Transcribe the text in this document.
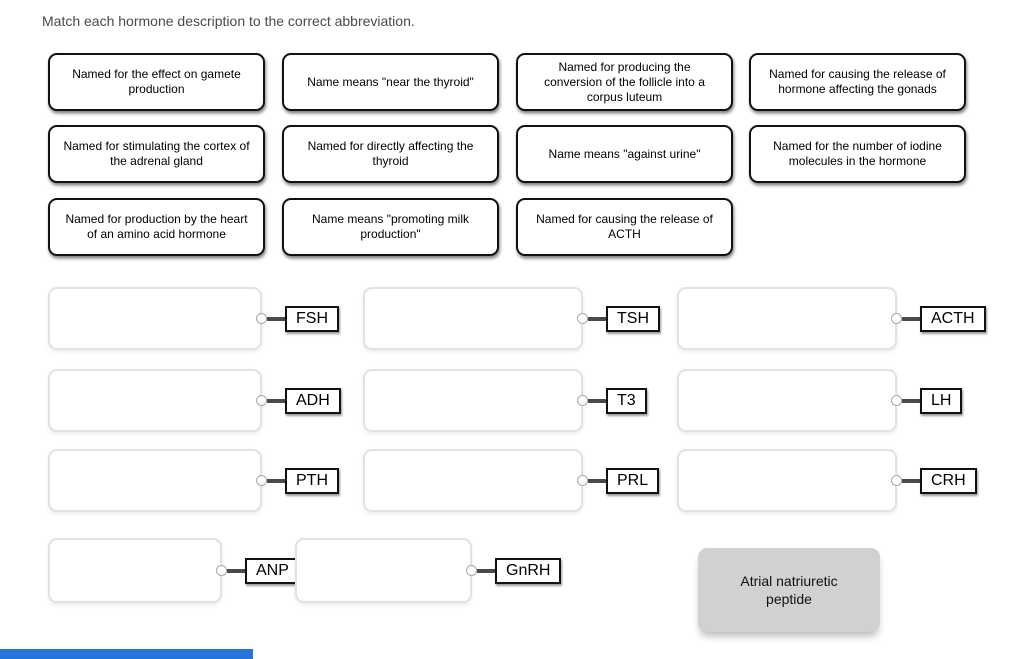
Match each hormone description to the correct abbreviation.
Named for the effect on gamete production
Name means "near the thyroid"
Named for producing the conversion of the follicle into a corpus luteum
Named for causing the release of hormone affecting the gonads
Named for stimulating the cortex of the adrenal gland
Named for directly affecting the thyroid
Name means "against urine"
Named for the number of iodine molecules in the hormone
Named for production by the heart of an amino acid hormone
Name means "promoting milk production"
Named for causing the release of ACTH
FSH	TSH	ACTH
ADH	T3	LH
PTH	PRL	CRH
ANP	GnRH
Atrial natriuretic peptide
